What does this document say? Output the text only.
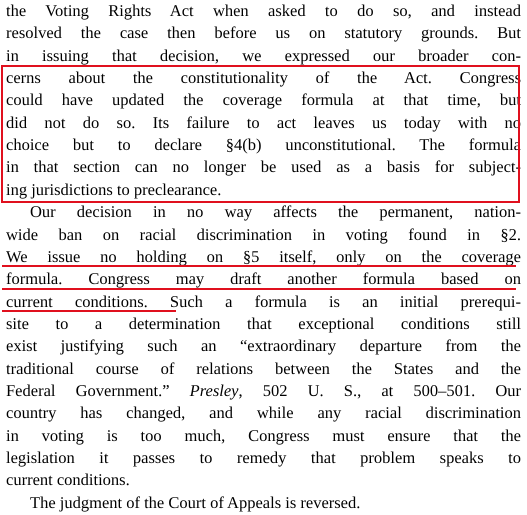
the Voting Rights Act when asked to do so, and instead
resolved the case then before us on statutory grounds. But
in issuing that decision, we expressed our broader con-
cerns about the constitutionality of the Act. Congress
could have updated the coverage formula at that time, but
did not do so. Its failure to act leaves us today with no
choice but to declare §4(b) unconstitutional. The formula
in that section can no longer be used as a basis for subject-
ing jurisdictions to preclearance.
Our decision in no way affects the permanent, nation-
wide ban on racial discrimination in voting found in §2.
We issue no holding on §5 itself, only on the coverage
formula. Congress may draft another formula based on
current conditions. Such a formula is an initial prerequi-
site to a determination that exceptional conditions still
exist justifying such an “extraordinary departure from the
traditional course of relations between the States and the
Federal Government.” Presley, 502 U. S., at 500–501. Our
country has changed, and while any racial discrimination
in voting is too much, Congress must ensure that the
legislation it passes to remedy that problem speaks to
current conditions.
The judgment of the Court of Appeals is reversed.
